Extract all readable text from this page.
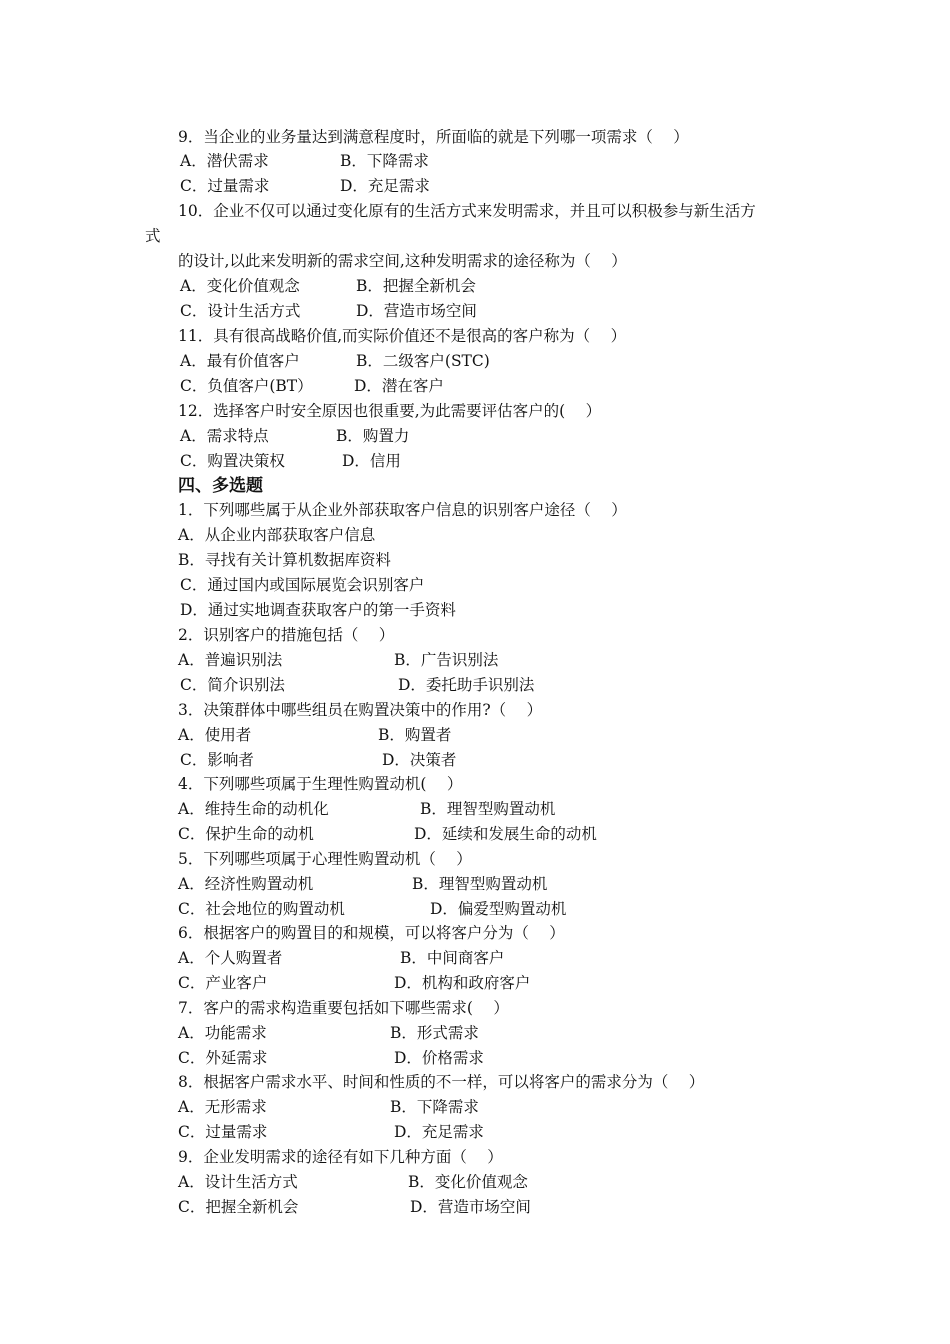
9．当企业的业务量达到满意程度时，所面临的就是下列哪一项需求（　 ）
A．潜伏需求	B．下降需求
C．过量需求	D．充足需求
10．企业不仅可以通过变化原有的生活方式来发明需求，并且可以积极参与新生活方
式
的设计,以此来发明新的需求空间,这种发明需求的途径称为（　 ）
A．变化价值观念	B．把握全新机会
C．设计生活方式	D．营造市场空间
11．具有很高战略价值,而实际价值还不是很高的客户称为（　 ）
A．最有价值客户	B．二级客户(STC)
C．负值客户(BT）	D．潜在客户
12．选择客户时安全原因也很重要,为此需要评估客户的(　 ）
A．需求特点	B．购置力
C．购置决策权	D．信用
四、多选题
1．下列哪些属于从企业外部获取客户信息的识别客户途径（　 ）
A．从企业内部获取客户信息
B．寻找有关计算机数据库资料
C．通过国内或国际展览会识别客户
D．通过实地调查获取客户的第一手资料
2．识别客户的措施包括（　 ）
A．普遍识别法	B．广告识别法
C．简介识别法	D．委托助手识别法
3．决策群体中哪些组员在购置决策中的作用?（　 ）
A．使用者	B．购置者
C．影响者	D．决策者
4．下列哪些项属于生理性购置动机(　 ）
A．维持生命的动机化	B．理智型购置动机
C．保护生命的动机	D．延续和发展生命的动机
5．下列哪些项属于心理性购置动机（　 ）
A．经济性购置动机	B．理智型购置动机
C．社会地位的购置动机	D．偏爱型购置动机
6．根据客户的购置目的和规模，可以将客户分为（　 ）
A．个人购置者	B．中间商客户
C．产业客户	D．机构和政府客户
7．客户的需求构造重要包括如下哪些需求(　 ）
A．功能需求	B．形式需求
C．外延需求	D．价格需求
8．根据客户需求水平、时间和性质的不一样，可以将客户的需求分为（　 ）
A．无形需求	B．下降需求
C．过量需求	D．充足需求
9．企业发明需求的途径有如下几种方面（　 ）
A．设计生活方式	B．变化价值观念
C．把握全新机会	D．营造市场空间
